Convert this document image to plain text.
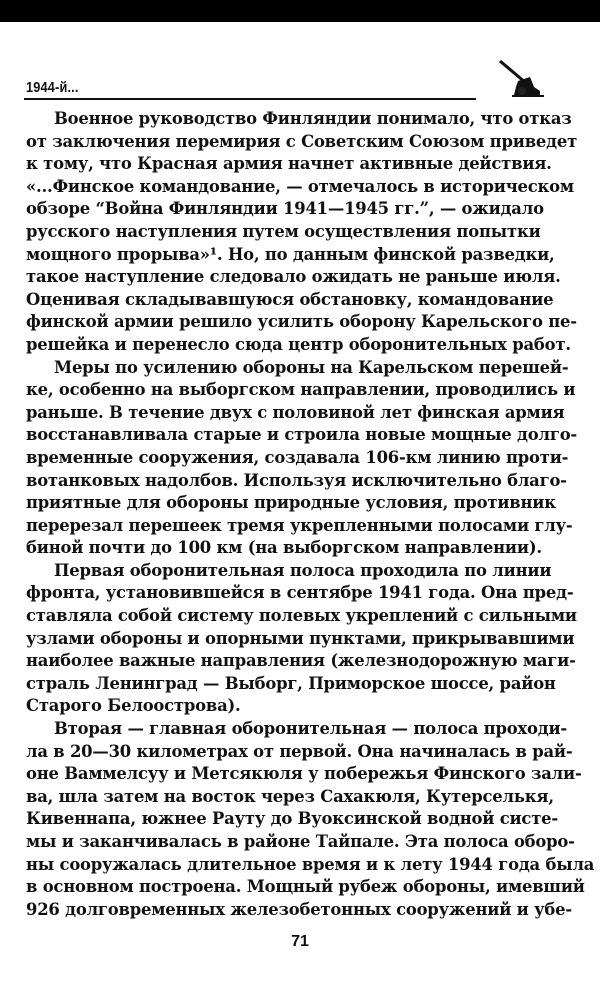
1944-й...
Военное руководство Финляндии понимало, что отказ
от заключения перемирия с Советским Союзом приведет
к тому, что Красная армия начнет активные действия.
«...Финское командование, — отмечалось в историческом
обзоре “Война Финляндии 1941—1945 гг.”, — ожидало
русского наступления путем осуществления попытки
мощного прорыва»¹. Но, по данным финской разведки,
такое наступление следовало ожидать не раньше июля.
Оценивая складывавшуюся обстановку, командование
финской армии решило усилить оборону Карельского пе-
решейка и перенесло сюда центр оборонительных работ.
Меры по усилению обороны на Карельском перешей-
ке, особенно на выборгском направлении, проводились и
раньше. В течение двух с половиной лет финская армия
восстанавливала старые и строила новые мощные долго-
временные сооружения, создавала 106-км линию проти-
вотанковых надолбов. Используя исключительно благо-
приятные для обороны природные условия, противник
перерезал перешеек тремя укрепленными полосами глу-
биной почти до 100 км (на выборгском направлении).
Первая оборонительная полоса проходила по линии
фронта, установившейся в сентябре 1941 года. Она пред-
ставляла собой систему полевых укреплений с сильными
узлами обороны и опорными пунктами, прикрывавшими
наиболее важные направления (железнодорожную маги-
страль Ленинград — Выборг, Приморское шоссе, район
Старого Белоострова).
Вторая — главная оборонительная — полоса проходи-
ла в 20—30 километрах от первой. Она начиналась в рай-
оне Ваммелсуу и Метсякюля у побережья Финского зали-
ва, шла затем на восток через Сахакюля, Кутерселькя,
Кивеннапа, южнее Рауту до Вуоксинской водной систе-
мы и заканчивалась в районе Тайпале. Эта полоса оборо-
ны сооружалась длительное время и к лету 1944 года была
в основном построена. Мощный рубеж обороны, имевший
926 долговременных железобетонных сооружений и убе-
71
